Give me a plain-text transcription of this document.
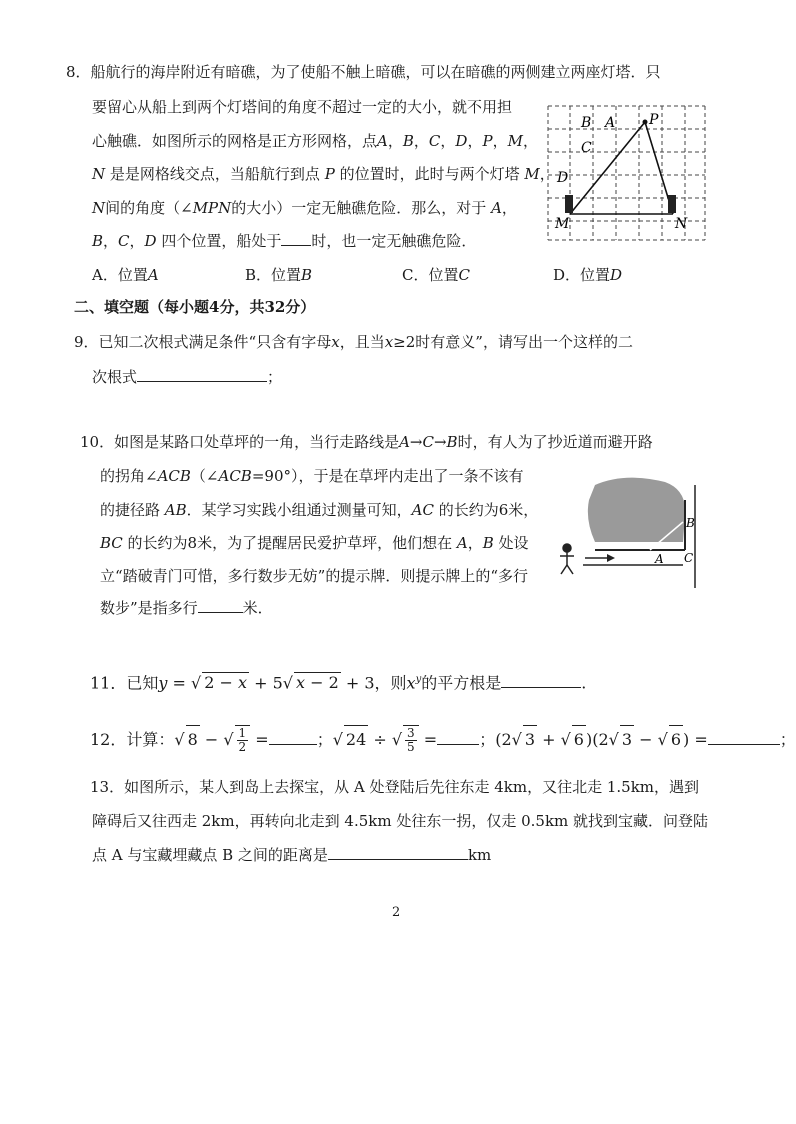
8．船航行的海岸附近有暗礁，为了使船不触上暗礁，可以在暗礁的两侧建立两座灯塔．只
要留心从船上到两个灯塔间的角度不超过一定的大小，就不用担
心触礁．如图所示的网格是正方形网格，点A，B，C，D，P，M，
N 是是网格线交点，当船航行到点 P 的位置时，此时与两个灯塔 M，
N间的角度（∠MPN的大小）一定无触礁危险．那么，对于 A，
B，C，D 四个位置，船处于 时，也一定无触礁危险．
A．位置A	B．位置B	C．位置C	D．位置D
B A P
C
D
M	N
二、填空题（每小题4分，共32分）
9．已知二次根式满足条件“只含有字母x，且当x≥2时有意义”，请写出一个这样的二
次根式	；
10．如图是某路口处草坪的一角，当行走路线是A→C→B时，有人为了抄近道而避开路
的拐角∠ACB（∠ACB=90°），于是在草坪内走出了一条不该有
的捷径路 AB．某学习实践小组通过测量可知，AC 的长约为6米，
BC 的长约为8米，为了提醒居民爱护草坪，他们想在 A，B 处设
立“踏破青门可惜，多行数步无妨”的提示牌．则提示牌上的“多行
数步”是指多行	米．
B
C
A
11．已知y = √ 2 − x + 5√ x − 2 + 3，则$x^y$的平方根是	.
12．计算：√ 8 − √ $\frac{1}{2}$ =	；√ 24 ÷ √ $\frac{3}{5}$ =	；(2√ 3 + √ 6 )(2√ 3 − √ 6 ) =	；
13．如图所示，某人到岛上去探宝，从 A 处登陆后先往东走 4km，又往北走 1.5km，遇到
障碍后又往西走 2km，再转向北走到 4.5km 处往东一拐，仅走 0.5km 就找到宝藏．问登陆
点 A 与宝藏埋藏点 B 之间的距离是	km
2
